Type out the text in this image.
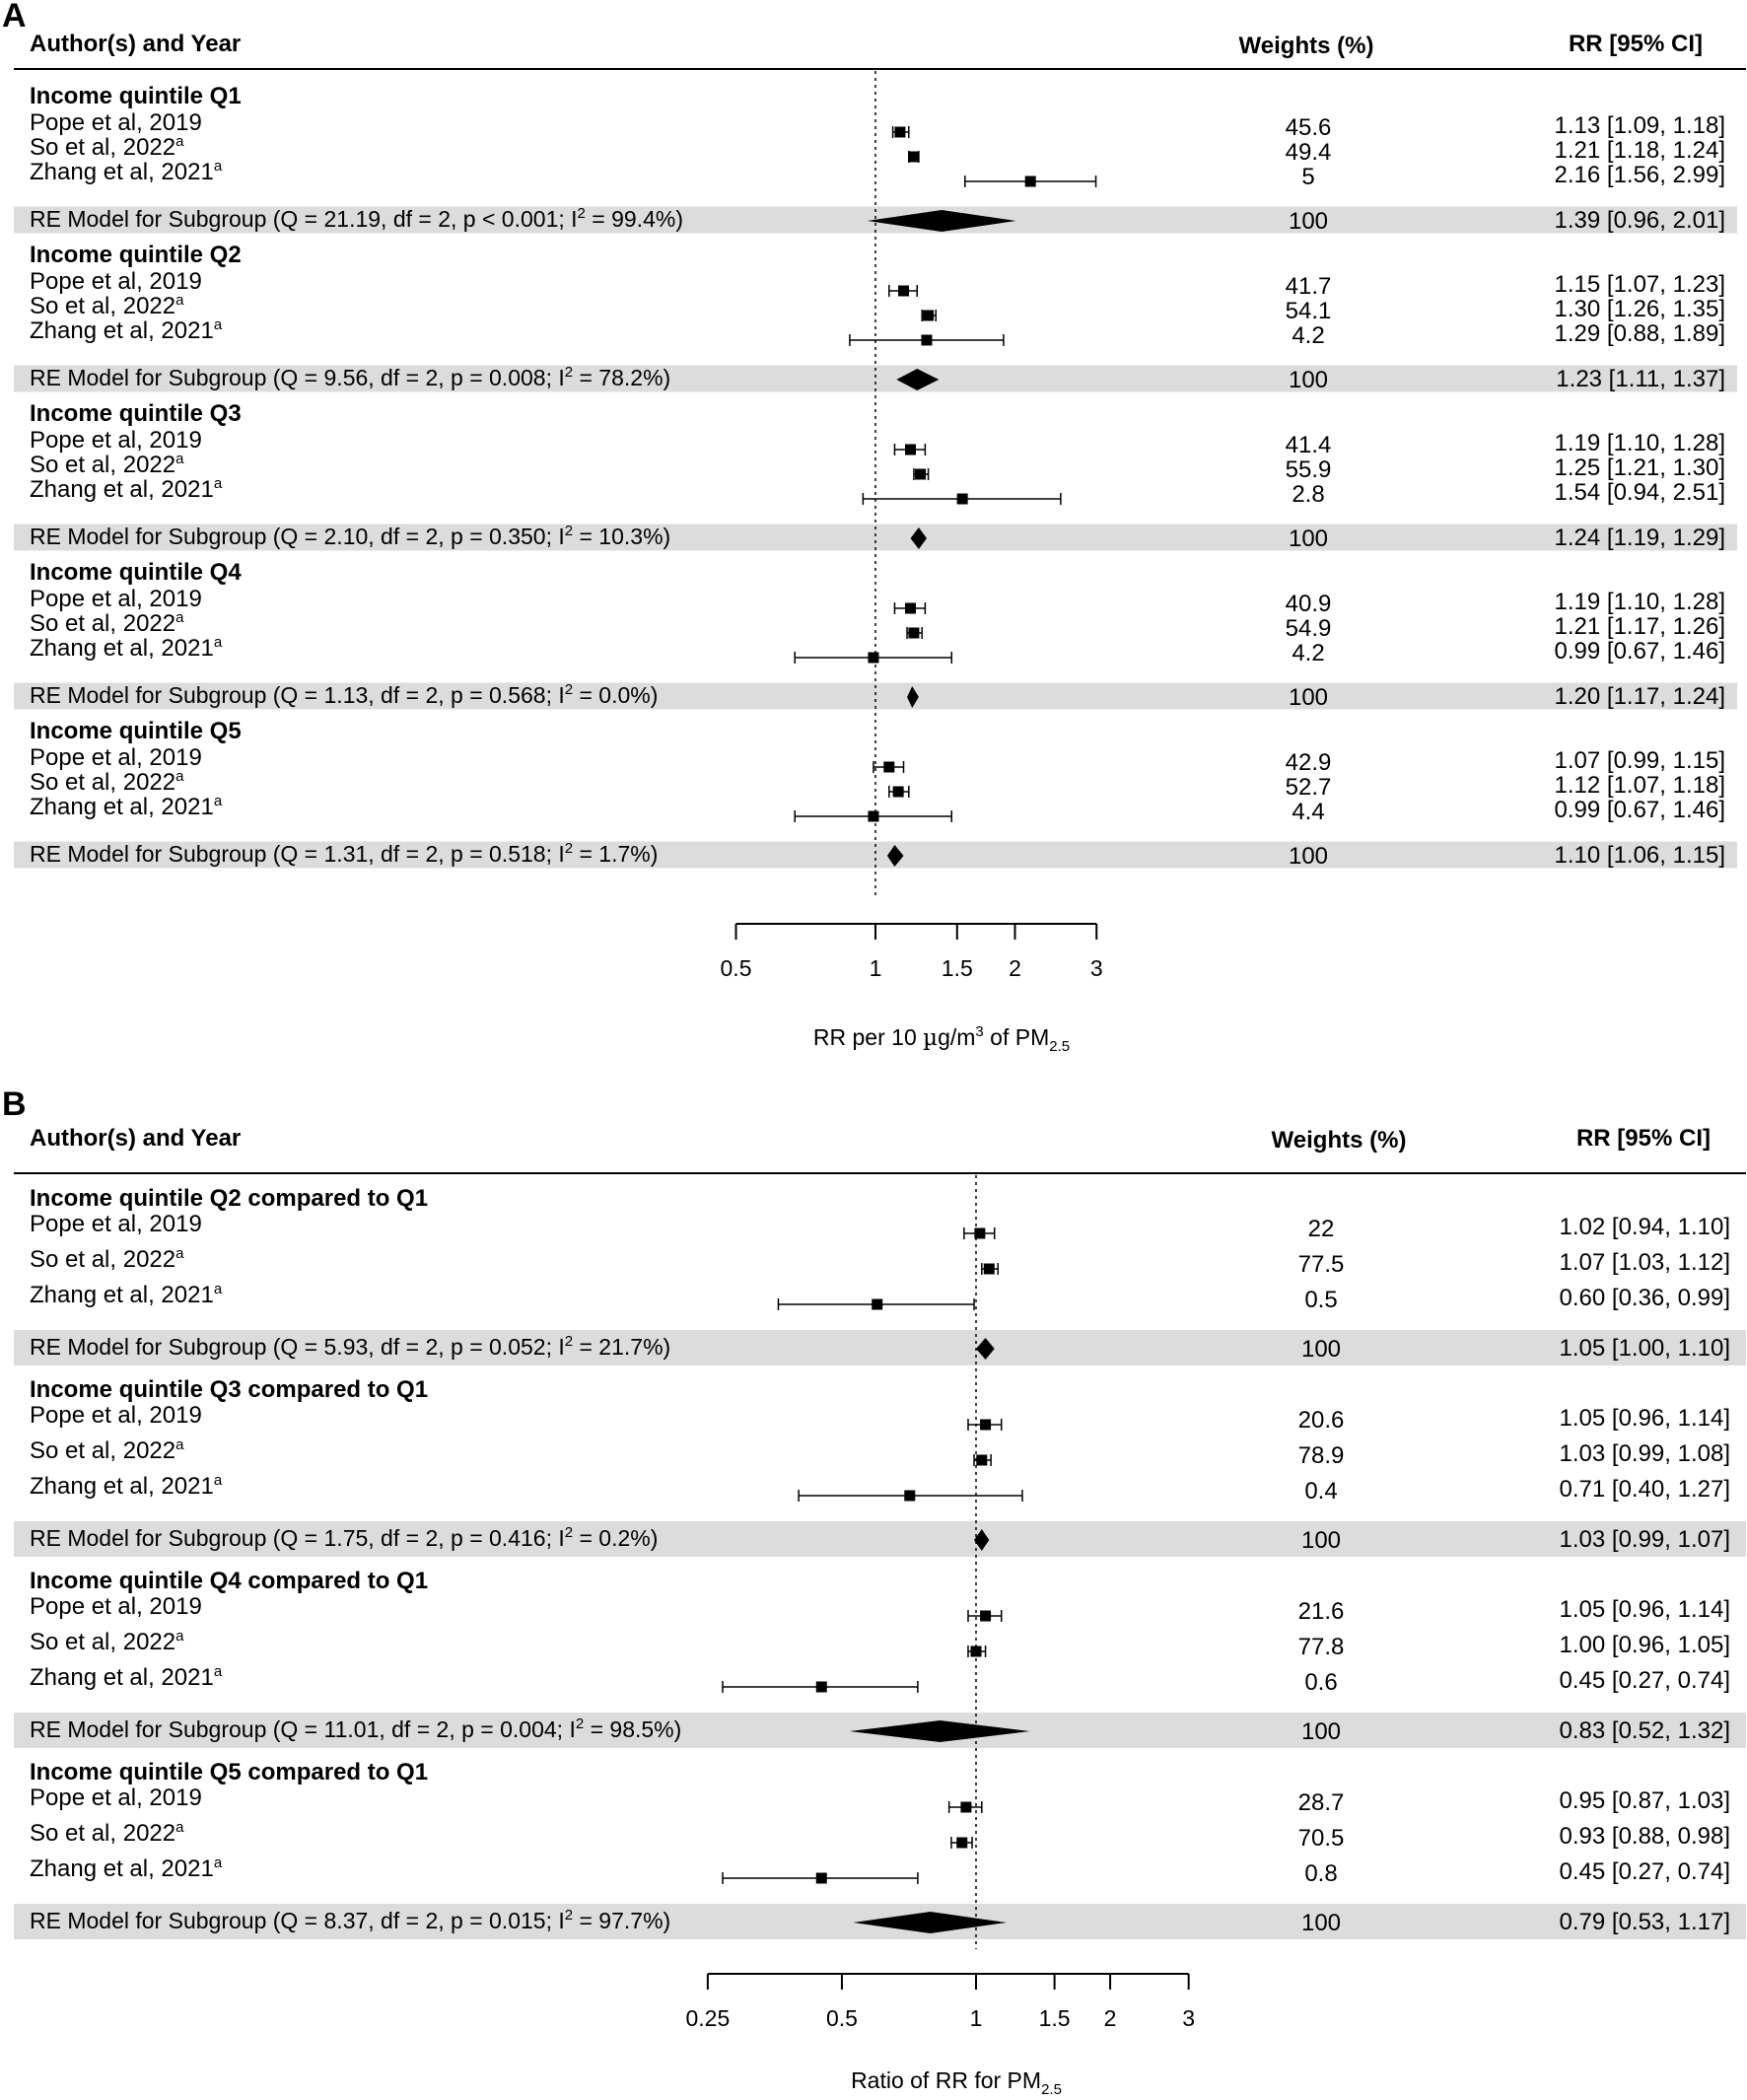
A
Author(s) and Year	Weights (%)	RR [95% CI]
Income quintile Q1
Pope et al, 2019	45.6	1.13 [1.09, 1.18]
So et al, 2022$^a$	49.4	1.21 [1.18, 1.24]
Zhang et al, 2021$^a$	5	2.16 [1.56, 2.99]
RE Model for Subgroup (Q = 21.19, df = 2, p < 0.001; $I^2 = 99.4\%$)	100	1.39 [0.96, 2.01]
Income quintile Q2
Pope et al, 2019	41.7	1.15 [1.07, 1.23]
So et al, 2022$^a$	54.1	1.30 [1.26, 1.35]
Zhang et al, 2021$^a$	4.2	1.29 [0.88, 1.89]
RE Model for Subgroup (Q = 9.56, df = 2, p = 0.008; $I^2 = 78.2\%$)	100	1.23 [1.11, 1.37]
Income quintile Q3
Pope et al, 2019	41.4	1.19 [1.10, 1.28]
So et al, 2022$^a$	55.9	1.25 [1.21, 1.30]
Zhang et al, 2021$^a$	2.8	1.54 [0.94, 2.51]
RE Model for Subgroup (Q = 2.10, df = 2, p = 0.350; $I^2 = 10.3\%$)	100	1.24 [1.19, 1.29]
Income quintile Q4
Pope et al, 2019	40.9	1.19 [1.10, 1.28]
So et al, 2022$^a$	54.9	1.21 [1.17, 1.26]
Zhang et al, 2021$^a$	4.2	0.99 [0.67, 1.46]
RE Model for Subgroup (Q = 1.13, df = 2, p = 0.568; $I^2 = 0.0\%$)	100	1.20 [1.17, 1.24]
Income quintile Q5
Pope et al, 2019	42.9	1.07 [0.99, 1.15]
So et al, 2022$^a$	52.7	1.12 [1.07, 1.18]
Zhang et al, 2021$^a$	4.4	0.99 [0.67, 1.46]
RE Model for Subgroup (Q = 1.31, df = 2, p = 0.518; $I^2 = 1.7\%$)	100	1.10 [1.06, 1.15]
0.5	1	1.5 2	3
RR per 10 $\mu g/m^3$ of $PM_{2.5}$
B
Author(s) and Year	Weights (%)	RR [95% CI]
Income quintile Q2 compared to Q1
Pope et al, 2019	22	1.02 [0.94, 1.10]
So et al, 2022$^a$	77.5	1.07 [1.03, 1.12]
Zhang et al, 2021$^a$	0.5	0.60 [0.36, 0.99]
RE Model for Subgroup (Q = 5.93, df = 2, p = 0.052; $I^2 = 21.7\%$)	100	1.05 [1.00, 1.10]
Income quintile Q3 compared to Q1
Pope et al, 2019	20.6	1.05 [0.96, 1.14]
So et al, 2022$^a$	78.9	1.03 [0.99, 1.08]
Zhang et al, 2021$^a$	0.4	0.71 [0.40, 1.27]
RE Model for Subgroup (Q = 1.75, df = 2, p = 0.416; $I^2 = 0.2\%$)	100	1.03 [0.99, 1.07]
Income quintile Q4 compared to Q1
Pope et al, 2019	21.6	1.05 [0.96, 1.14]
So et al, 2022$^a$	77.8	1.00 [0.96, 1.05]
Zhang et al, 2021$^a$	0.6	0.45 [0.27, 0.74]
RE Model for Subgroup (Q = 11.01, df = 2, p = 0.004; $I^2 = 98.5\%$)	100	0.83 [0.52, 1.32]
Income quintile Q5 compared to Q1
Pope et al, 2019	28.7	0.95 [0.87, 1.03]
So et al, 2022$^a$	70.5	0.93 [0.88, 0.98]
Zhang et al, 2021$^a$	0.8	0.45 [0.27, 0.74]
RE Model for Subgroup (Q = 8.37, df = 2, p = 0.015; $I^2 = 97.7\%$)	100	0.79 [0.53, 1.17]
0.25	0.5	1 1.5 2	3
Ratio of RR for $PM_{2.5}$
